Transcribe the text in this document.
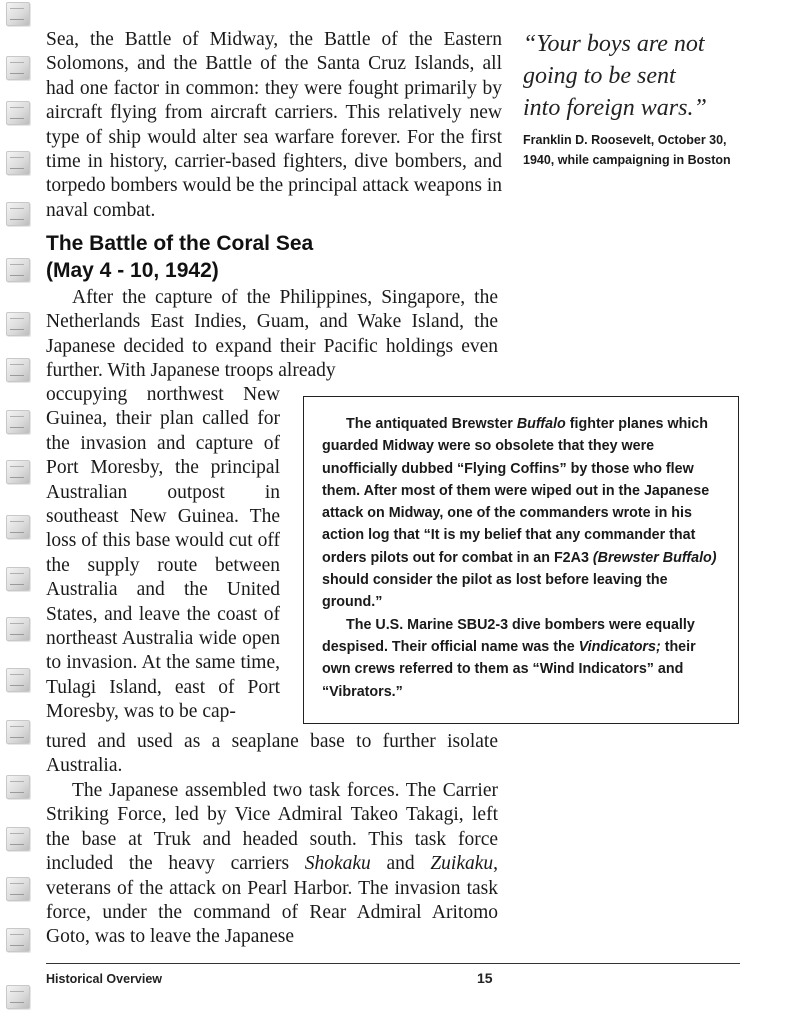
Sea, the Battle of Midway, the Battle of the Eastern Solomons, and the Battle of the Santa Cruz Islands, all had one factor in common: they were fought primarily by aircraft flying from aircraft carriers. This relatively new type of ship would alter sea warfare forever. For the first time in history, carrier-based fighters, dive bombers, and torpedo bombers would be the principal attack weapons in naval combat.

“Your boys are not
going to be sent
into foreign wars.”
Franklin D. Roosevelt, October 30, 1940, while campaigning in Boston
The Battle of the Coral Sea
(May 4 - 10, 1942)

After the capture of the Philippines, Singapore, the Netherlands East Indies, Guam, and Wake Island, the Japanese decided to expand their Pacific holdings even further. With Japanese troops already

occupying northwest New Guinea, their plan called for the invasion and capture of Port Moresby, the principal Australian outpost in southeast New Guinea. The loss of this base would cut off the supply route between Australia and the United States, and leave the coast of northeast Australia wide open to invasion. At the same time, Tulagi Island, east of Port Moresby, was to be cap-

tured and used as a seaplane base to further isolate Australia.

The Japanese assembled two task forces. The Carrier Striking Force, led by Vice Admiral Takeo Takagi, left the base at Truk and headed south. This task force included the heavy carriers Shokaku and Zuikaku, veterans of the attack on Pearl Harbor. The invasion task force, under the command of Rear Admiral Aritomo Goto, was to leave the Japanese

The antiquated Brewster Buffalo fighter planes which guarded Midway were so obsolete that they were unofficially dubbed “Flying Coffins” by those who flew them. After most of them were wiped out in the Japanese attack on Midway, one of the commanders wrote in his action log that “It is my belief that any commander that orders pilots out for combat in an F2A3 (Brewster Buffalo) should consider the pilot as lost before leaving the ground.”

The U.S. Marine SBU2-3 dive bombers were equally despised. Their official name was the Vindicators; their own crews referred to them as “Wind Indicators” and “Vibrators.”

Historical Overview	15
